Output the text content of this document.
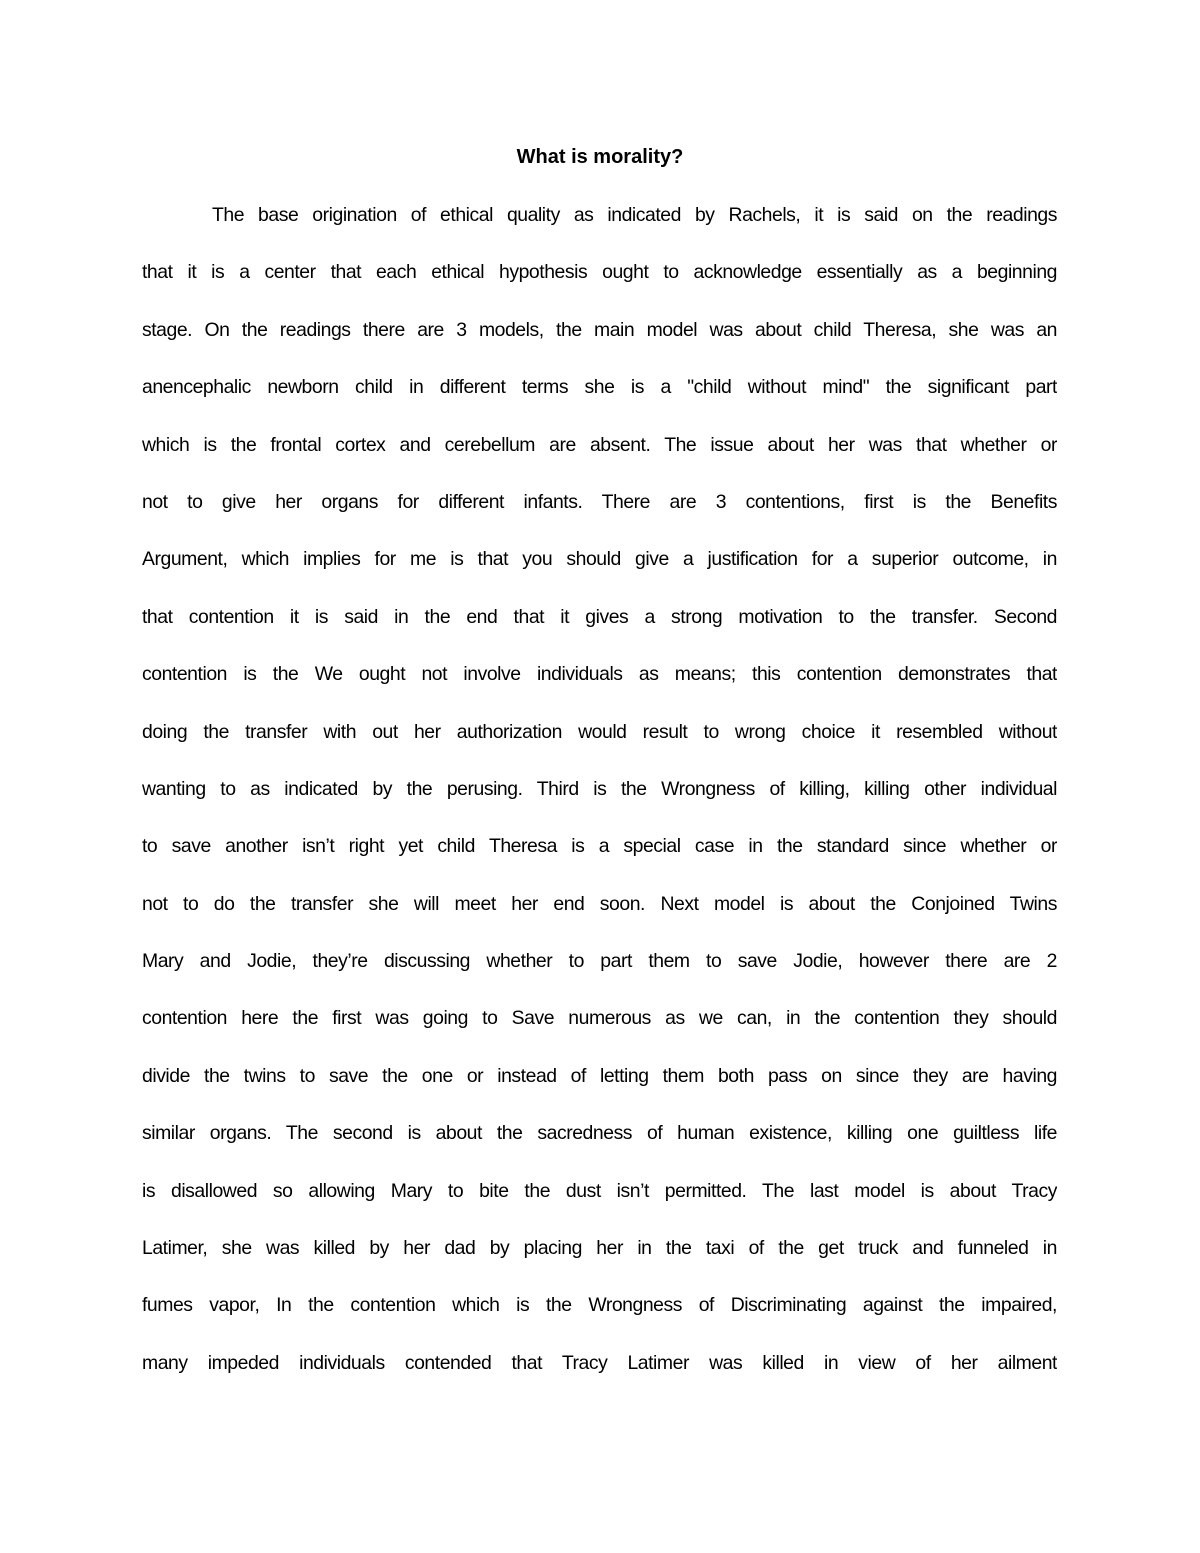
What is morality?
The base origination of ethical quality as indicated by Rachels, it is said on the readings
that it is a center that each ethical hypothesis ought to acknowledge essentially as a beginning
stage. On the readings there are 3 models, the main model was about child Theresa, she was an
anencephalic newborn child in different terms she is a "child without mind" the significant part
which is the frontal cortex and cerebellum are absent. The issue about her was that whether or
not to give her organs for different infants. There are 3 contentions, first is the Benefits
Argument, which implies for me is that you should give a justification for a superior outcome, in
that contention it is said in the end that it gives a strong motivation to the transfer. Second
contention is the We ought not involve individuals as means; this contention demonstrates that
doing the transfer with out her authorization would result to wrong choice it resembled without
wanting to as indicated by the perusing. Third is the Wrongness of killing, killing other individual
to save another isn’t right yet child Theresa is a special case in the standard since whether or
not to do the transfer she will meet her end soon. Next model is about the Conjoined Twins
Mary and Jodie, they’re discussing whether to part them to save Jodie, however there are 2
contention here the first was going to Save numerous as we can, in the contention they should
divide the twins to save the one or instead of letting them both pass on since they are having
similar organs. The second is about the sacredness of human existence, killing one guiltless life
is disallowed so allowing Mary to bite the dust isn’t permitted. The last model is about Tracy
Latimer, she was killed by her dad by placing her in the taxi of the get truck and funneled in
fumes vapor, In the contention which is the Wrongness of Discriminating against the impaired,
many impeded individuals contended that Tracy Latimer was killed in view of her ailment
